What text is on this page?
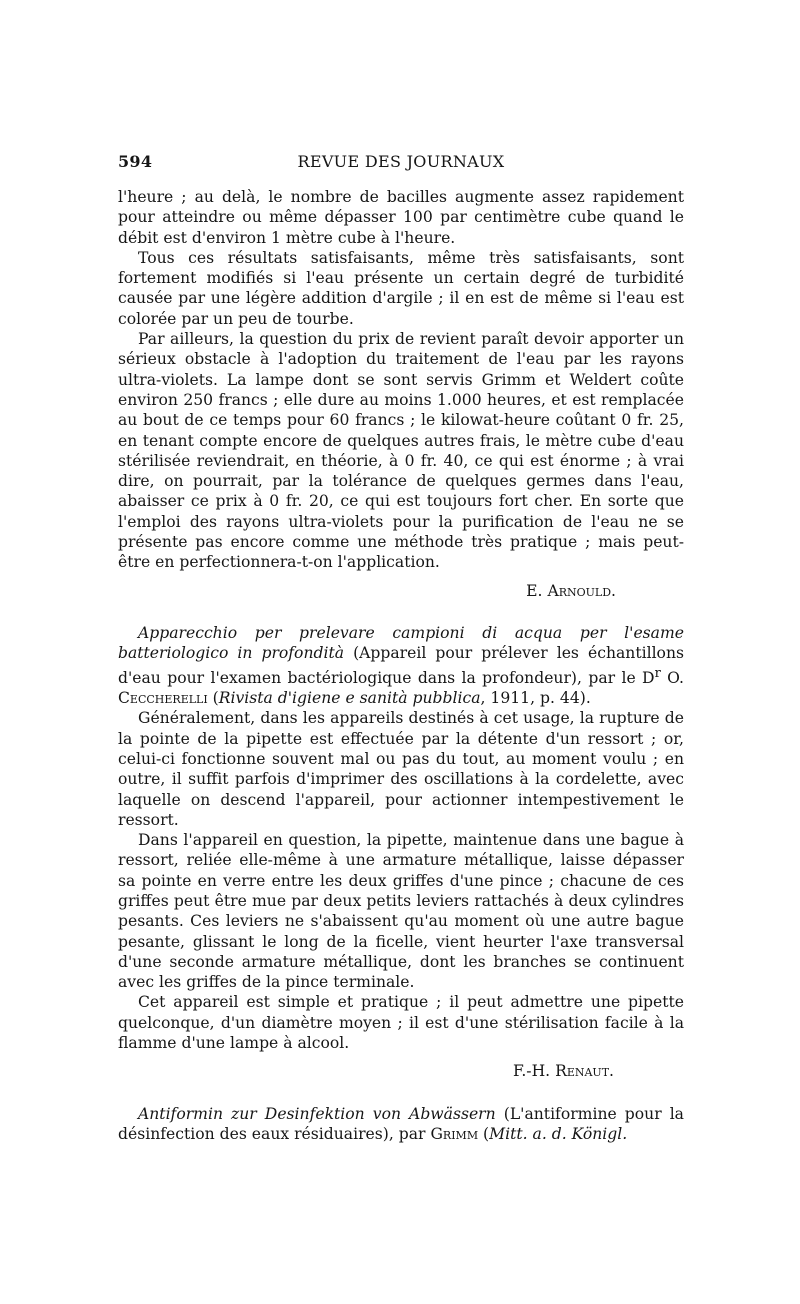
594	REVUE DES JOURNAUX

l'heure ; au delà, le nombre de bacilles augmente assez rapidement pour atteindre ou même dépasser 100 par centimètre cube quand le débit est d'environ 1 mètre cube à l'heure.

Tous ces résultats satisfaisants, même très satisfaisants, sont fortement modifiés si l'eau présente un certain degré de turbidité causée par une légère addition d'argile ; il en est de même si l'eau est colorée par un peu de tourbe.

Par ailleurs, la question du prix de revient paraît devoir apporter un sérieux obstacle à l'adoption du traitement de l'eau par les rayons ultra-violets. La lampe dont se sont servis Grimm et Weldert coûte environ 250 francs ; elle dure au moins 1.000 heures, et est remplacée au bout de ce temps pour 60 francs ; le kilowat-heure coûtant 0 fr. 25, en tenant compte encore de quelques autres frais, le mètre cube d'eau stérilisée reviendrait, en théorie, à 0 fr. 40, ce qui est énorme ; à vrai dire, on pourrait, par la tolérance de quelques germes dans l'eau, abaisser ce prix à 0 fr. 20, ce qui est toujours fort cher. En sorte que l'emploi des rayons ultra-violets pour la purification de l'eau ne se présente pas encore comme une méthode très pratique ; mais peut-être en perfectionnera-t-on l'application.

E. Arnould.

Apparecchio per prelevare campioni di acqua per l'esame batteriologico in profondità (Appareil pour prélever les échantillons d'eau pour l'examen bactériologique dans la profondeur), par le $D^r$ O. Ceccherelli (Rivista d'igiene e sanità pubblica, 1911, p. 44).

Généralement, dans les appareils destinés à cet usage, la rupture de la pointe de la pipette est effectuée par la détente d'un ressort ; or, celui-ci fonctionne souvent mal ou pas du tout, au moment voulu ; en outre, il suffit parfois d'imprimer des oscillations à la cordelette, avec laquelle on descend l'appareil, pour actionner intempestivement le ressort.

Dans l'appareil en question, la pipette, maintenue dans une bague à ressort, reliée elle-même à une armature métallique, laisse dépasser sa pointe en verre entre les deux griffes d'une pince ; chacune de ces griffes peut être mue par deux petits leviers rattachés à deux cylindres pesants. Ces leviers ne s'abaissent qu'au moment où une autre bague pesante, glissant le long de la ficelle, vient heurter l'axe transversal d'une seconde armature métallique, dont les branches se continuent avec les griffes de la pince terminale.

Cet appareil est simple et pratique ; il peut admettre une pipette quelconque, d'un diamètre moyen ; il est d'une stérilisation facile à la flamme d'une lampe à alcool.

F.-H. Renaut.

Antiformin zur Desinfektion von Abwässern (L'antiformine pour la désinfection des eaux résiduaires), par Grimm (Mitt. a. d. Königl.
